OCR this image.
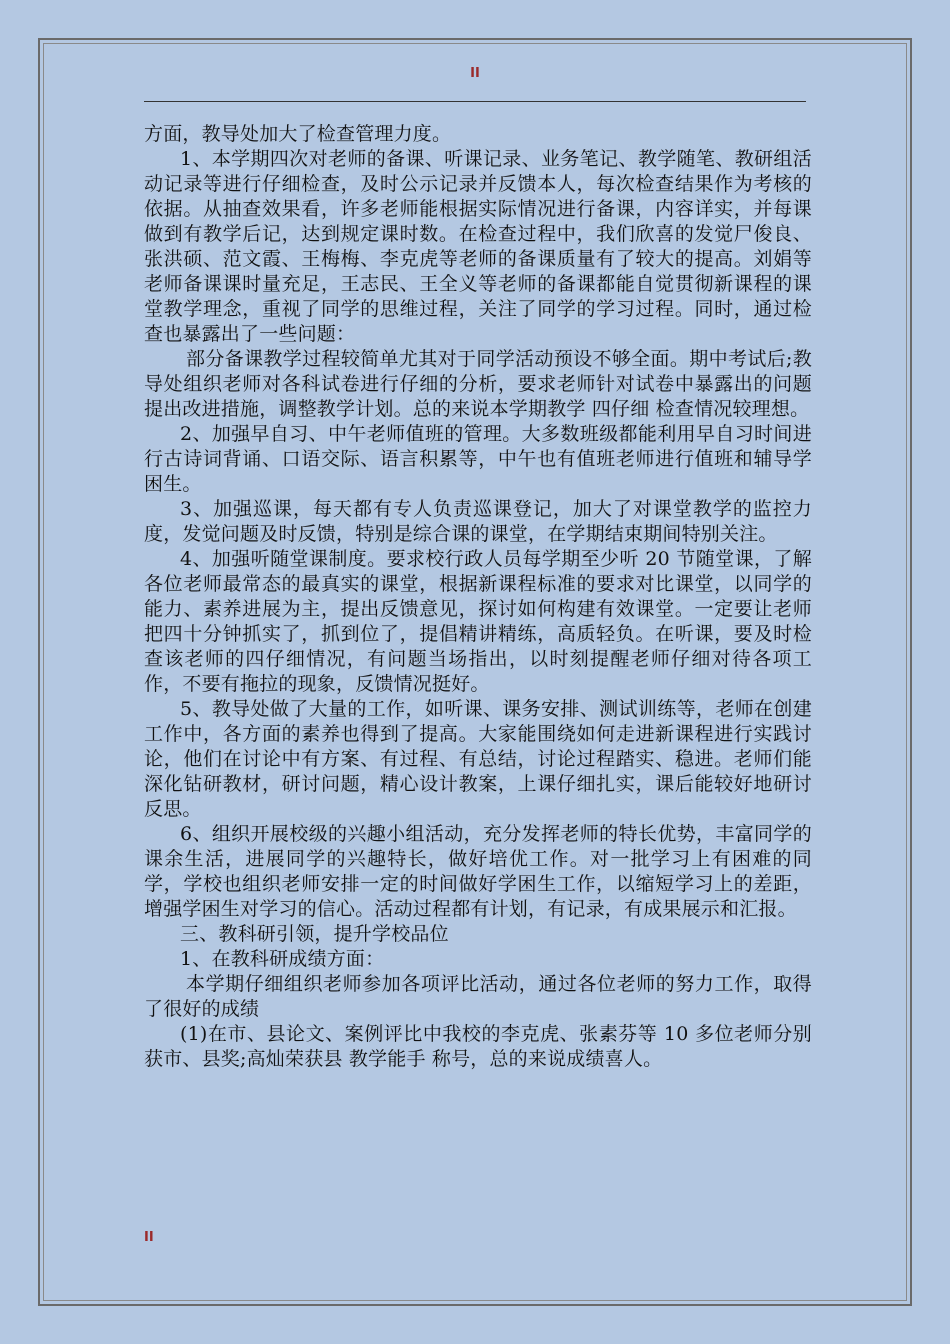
II

方面，教导处加大了检查管理力度。

1、本学期四次对老师的备课、听课记录、业务笔记、教学随笔、教研组活动记录等进行仔细检查，及时公示记录并反馈本人，每次检查结果作为考核的依据。从抽查效果看，许多老师能根据实际情况进行备课，内容详实，并每课做到有教学后记，达到规定课时数。在检查过程中，我们欣喜的发觉尸俊良、张洪硕、范文霞、王梅梅、李克虎等老师的备课质量有了较大的提高。刘娟等老师备课课时量充足，王志民、王全义等老师的备课都能自觉贯彻新课程的课堂教学理念，重视了同学的思维过程，关注了同学的学习过程。同时，通过检查也暴露出了一些问题：

部分备课教学过程较简单尤其对于同学活动预设不够全面。期中考试后;教导处组织老师对各科试卷进行仔细的分析，要求老师针对试卷中暴露出的问题提出改进措施，调整教学计划。总的来说本学期教学 四仔细 检查情况较理想。

2、加强早自习、中午老师值班的管理。大多数班级都能利用早自习时间进行古诗词背诵、口语交际、语言积累等，中午也有值班老师进行值班和辅导学困生。

3、加强巡课，每天都有专人负责巡课登记，加大了对课堂教学的监控力度，发觉问题及时反馈，特别是综合课的课堂，在学期结束期间特别关注。

4、加强听随堂课制度。要求校行政人员每学期至少听 20 节随堂课，了解各位老师最常态的最真实的课堂，根据新课程标准的要求对比课堂，以同学的能力、素养进展为主，提出反馈意见，探讨如何构建有效课堂。一定要让老师把四十分钟抓实了，抓到位了，提倡精讲精练，高质轻负。在听课，要及时检查该老师的四仔细情况，有问题当场指出，以时刻提醒老师仔细对待各项工作，不要有拖拉的现象，反馈情况挺好。

5、教导处做了大量的工作，如听课、课务安排、测试训练等，老师在创建工作中，各方面的素养也得到了提高。大家能围绕如何走进新课程进行实践讨论，他们在讨论中有方案、有过程、有总结，讨论过程踏实、稳进。老师们能深化钻研教材，研讨问题，精心设计教案，上课仔细扎实，课后能较好地研讨反思。

6、组织开展校级的兴趣小组活动，充分发挥老师的特长优势，丰富同学的课余生活，进展同学的兴趣特长，做好培优工作。对一批学习上有困难的同学，学校也组织老师安排一定的时间做好学困生工作，以缩短学习上的差距，增强学困生对学习的信心。活动过程都有计划，有记录，有成果展示和汇报。

三、教科研引领，提升学校品位

1、在教科研成绩方面：

本学期仔细组织老师参加各项评比活动，通过各位老师的努力工作，取得了很好的成绩

(1)在市、县论文、案例评比中我校的李克虎、张素芬等 10 多位老师分别获市、县奖;高灿荣获县 教学能手 称号，总的来说成绩喜人。

II
